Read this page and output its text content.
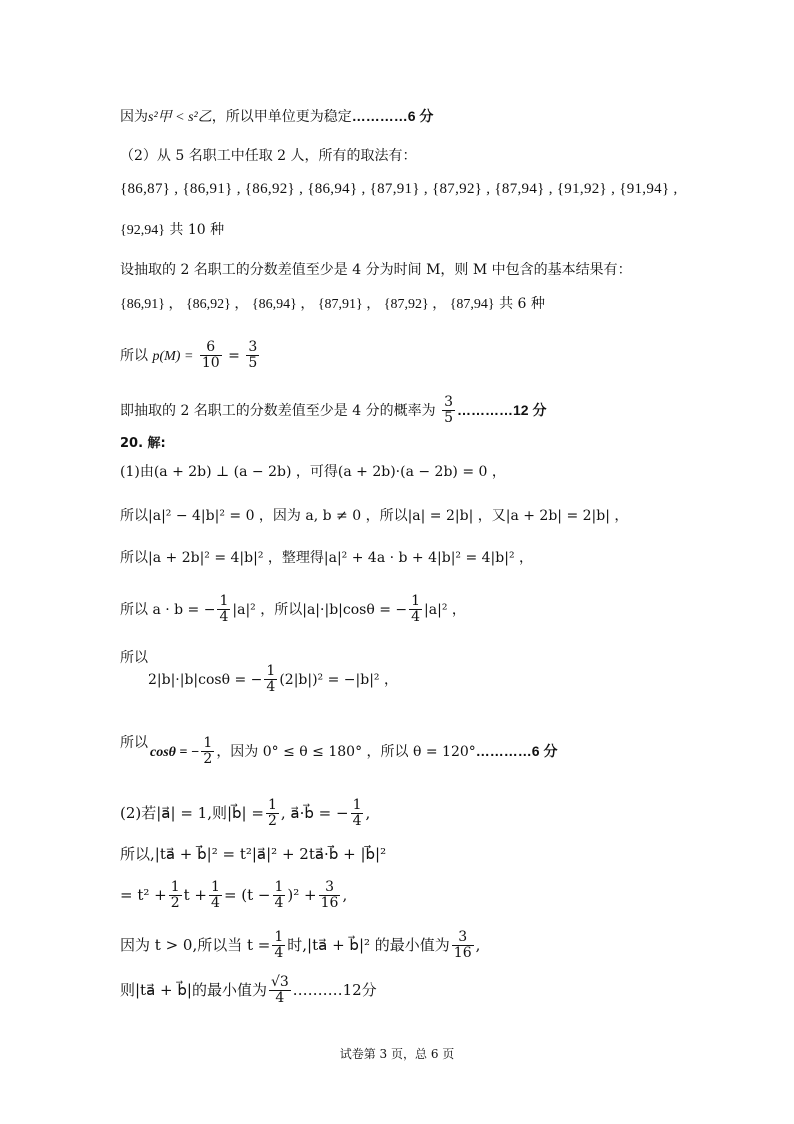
因为s²甲 < s²乙，所以甲单位更为稳定…………6 分
（2）从 5 名职工中任取 2 人，所有的取法有：
{86,87} , {86,91} , {86,92} , {86,94} , {87,91} , {87,92} , {87,94} , {91,92} , {91,94} ,
{92,94} 共 10 种
设抽取的 2 名职工的分数差值至少是 4 分为时间 M，则 M 中包含的基本结果有：
{86,91} ， {86,92} ， {86,94} ， {87,91} ， {87,92} ， {87,94} 共 6 种
所以 $p(M) = \frac{6}{10} = \frac{3}{5}$
即抽取的 2 名职工的分数差值至少是 4 分的概率为 $\frac{3}{5}$ …………12 分
20. 解:
(1)由(a + 2b) ⊥ (a − 2b) ，可得(a + 2b)·(a − 2b) = 0 ，
所以|a|² − 4|b|² = 0 ，因为 a, b ≠ 0 ，所以|a| = 2|b| ，又|a + 2b| = 2|b| ，
所以|a + 2b|² = 4|b|² ，整理得|a|² + 4a · b + 4|b|² = 4|b|² ，
所以 a · b = − $\frac{1}{4} |a|^2$ ，所以|a|·|b|cosθ = − $\frac{1}{4} |a|^2$ ，
所以
2|b|·|b|cosθ = − $\frac{1}{4} (2|b|)^2 = -|b|^2$ ，
所以
cosθ = − $\frac{1}{2}$ ，因为 0° ≤ θ ≤ 180° ，所以 θ = 120°…………6 分
(2)若|a⃗| = 1,则|b⃗| = $\frac{1}{2}$ , a⃗·b⃗ = − $\frac{1}{4}$ ,
所以,|ta⃗ + b⃗|² = t²|a⃗|² + 2ta⃗·b⃗ + |b⃗|²
= $t^2 + \frac{1}{2}$ $t + \frac{1}{4} = (t - \frac{1}{4} )^2 + \frac{3}{16}$ ,
因为 t > 0,所以当 $t = \frac{1}{4}$ 时,|ta⃗ + b⃗|² 的最小值为 $\frac{3}{16}$ ,
则|ta⃗ + b⃗|的最小值为 $\frac{√3}{4}$ .………12分
试卷第 3 页，总 6 页
